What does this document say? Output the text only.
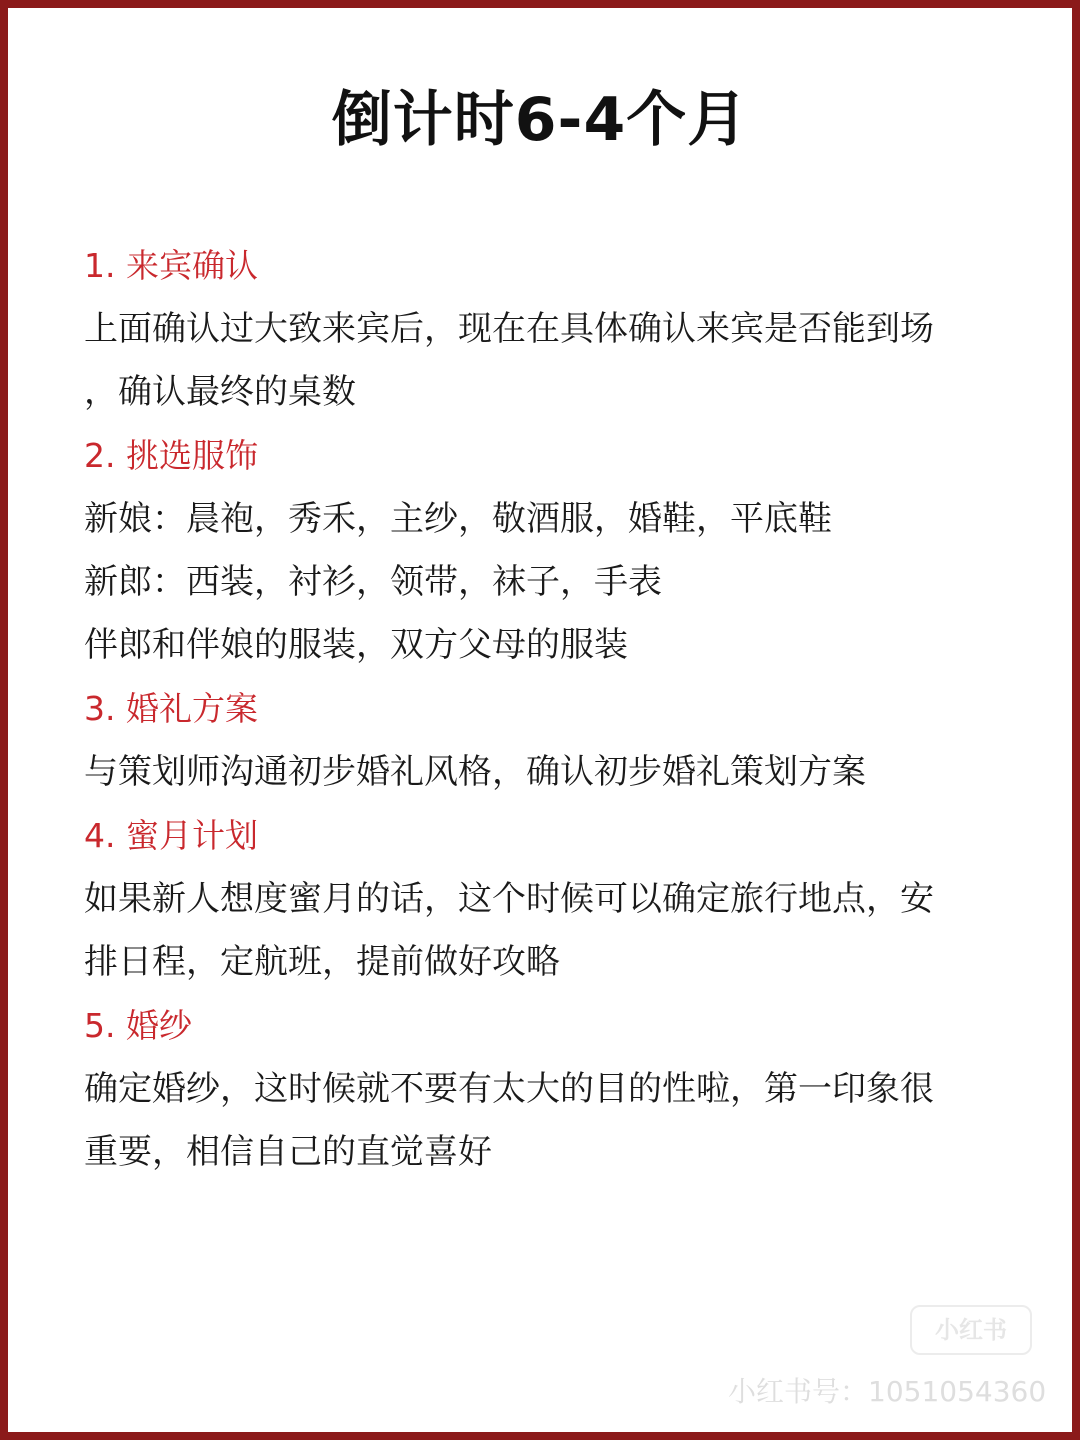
倒计时6-4个月

1. 来宾确认

上面确认过大致来宾后，现在在具体确认来宾是否能到场

，确认最终的桌数

2. 挑选服饰

新娘：晨袍，秀禾，主纱，敬酒服，婚鞋，平底鞋

新郎：西装，衬衫，领带，袜子，手表

伴郎和伴娘的服装，双方父母的服装

3. 婚礼方案

与策划师沟通初步婚礼风格，确认初步婚礼策划方案

4. 蜜月计划

如果新人想度蜜月的话，这个时候可以确定旅行地点，安

排日程，定航班，提前做好攻略

5. 婚纱

确定婚纱，这时候就不要有太大的目的性啦，第一印象很

重要，相信自己的直觉喜好

小红书
小红书号：1051054360
